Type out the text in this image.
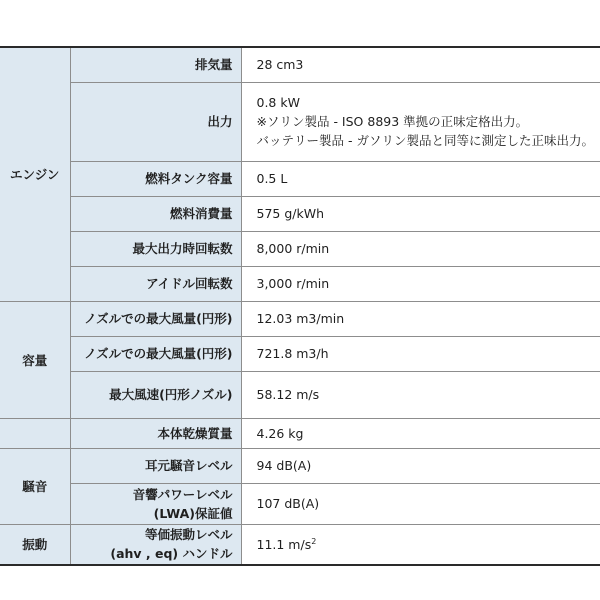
エンジン	排気量	28 cm3
	出力	0.8 kW
※ソリン製品 - ISO 8893 準拠の正味定格出力。
バッテリー製品 - ガソリン製品と同等に測定した正味出力。

	燃料タンク容量	0.5 L
	燃料消費量	575 g/kWh
	最大出力時回転数	8,000 r/min
	アイドル回転数	3,000 r/min
容量	ノズルでの最大風量(円形)	12.03 m3/min
	ノズルでの最大風量(円形)	721.8 m3/h
	最大風速(円形ノズル)	58.12 m/s
	本体乾燥質量	4.26 kg
騒音	耳元騒音レベル	94 dB(A)

	音響パワーレベル
(LWA)保証値	107 dB(A)
振動	等価振動レベル
(ahv , eq) ハンドル	11.1 $m/s^2$
